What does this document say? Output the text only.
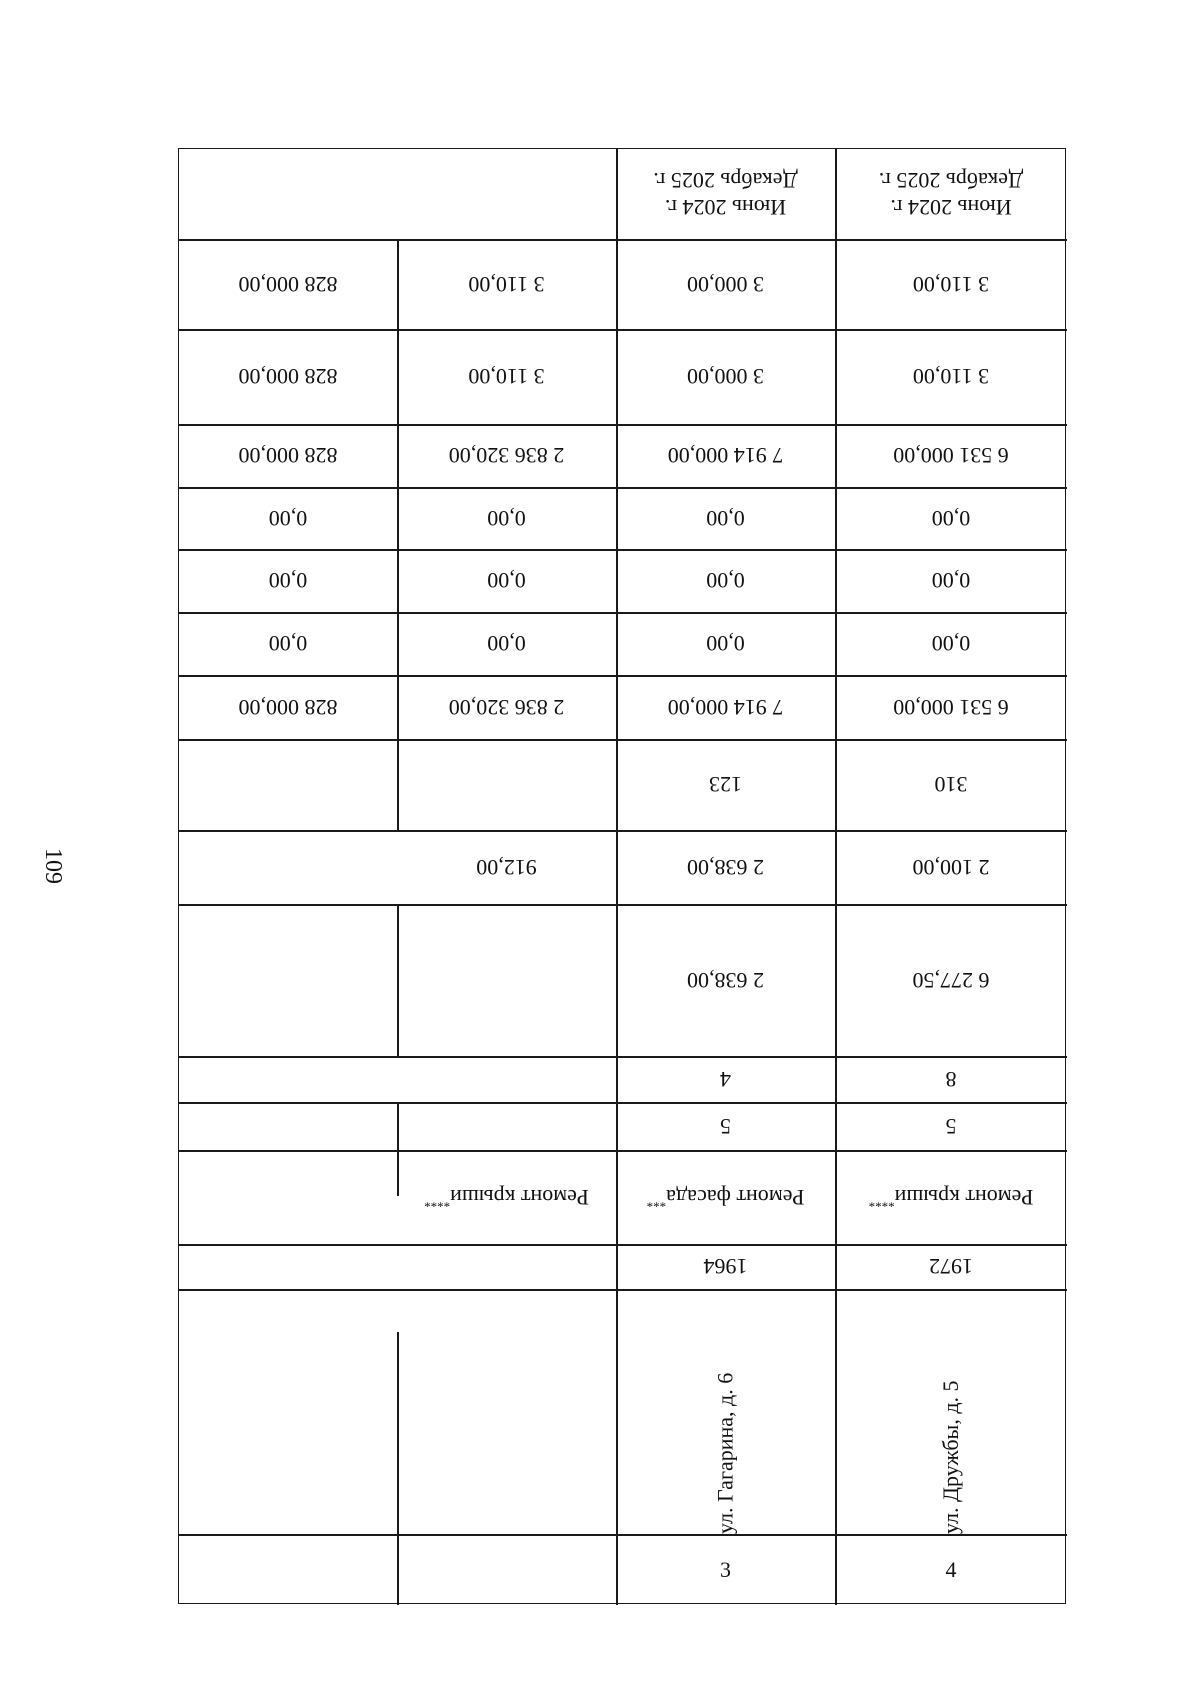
109
Июнь 2024 г.
Декабрь 2025 г.
3 110,00
3 110,00
6 531 000,00
0,00
0,00
0,00
6 531 000,00
310
2 100,00
6 277,50
8
5
Ремонт крыши****
1972
ул. Дружбы, д. 5
4
Июнь 2024 г.
Декабрь 2025 г.
3 000,00
3 000,00
7 914 000,00
0,00
0,00
0,00
7 914 000,00
123
2 638,00
2 638,00
4
5
Ремонт фасада***
1964
ул. Гагарина, д. 6
3
3 110,00
3 110,00
2 836 320,00
0,00
0,00
0,00
2 836 320,00
912,00
Ремонт крыши****
828 000,00
828 000,00
828 000,00
0,00
0,00
0,00
828 000,00
